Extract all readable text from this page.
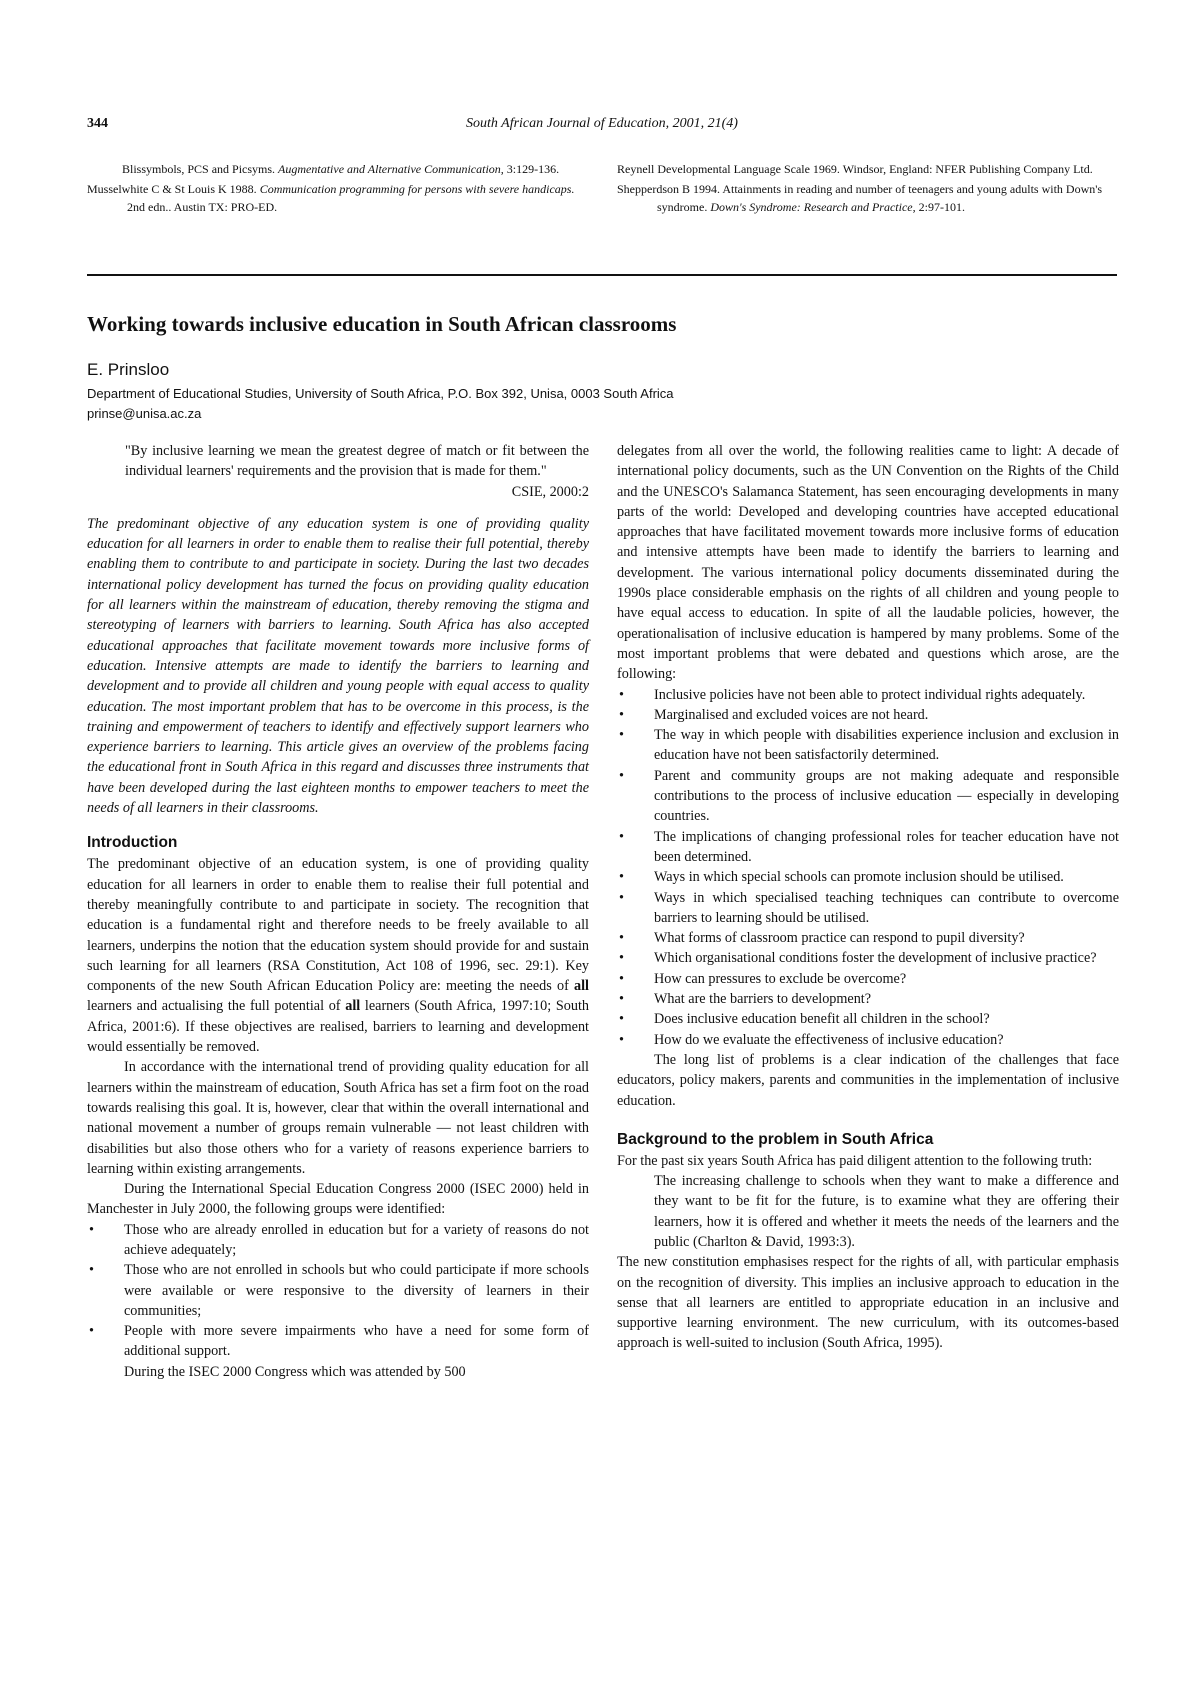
344	South African Journal of Education, 2001, 21(4)
Blissymbols, PCS and Picsyms. Augmentative and Alternative Communication, 3:129-136.
Musselwhite C & St Louis K 1988. Communication programming for persons with severe handicaps. 2nd edn.. Austin TX: PRO-ED.
Reynell Developmental Language Scale 1969. Windsor, England: NFER Publishing Company Ltd.
Shepperdson B 1994. Attainments in reading and number of teenagers and young adults with Down's syndrome. Down's Syndrome: Research and Practice, 2:97-101.
Working towards inclusive education in South African classrooms
E. Prinsloo
Department of Educational Studies, University of South Africa, P.O. Box 392, Unisa, 0003 South Africa
prinse@unisa.ac.za
"By inclusive learning we mean the greatest degree of match or fit between the individual learners' requirements and the provision that is made for them."
CSIE, 2000:2

The predominant objective of any education system is one of providing quality education for all learners in order to enable them to realise their full potential, thereby enabling them to contribute to and participate in society. During the last two decades international policy development has turned the focus on providing quality education for all learners within the mainstream of education, thereby removing the stigma and stereotyping of learners with barriers to learning. South Africa has also accepted educational approaches that facilitate movement towards more inclusive forms of education. Intensive attempts are made to identify the barriers to learning and development and to provide all children and young people with equal access to quality education. The most important problem that has to be overcome in this process, is the training and empowerment of teachers to identify and effectively support learners who experience barriers to learning. This article gives an overview of the problems facing the educational front in South Africa in this regard and discusses three instruments that have been developed during the last eighteen months to empower teachers to meet the needs of all learners in their classrooms.

Introduction

The predominant objective of an education system, is one of providing quality education for all learners in order to enable them to realise their full potential and thereby meaningfully contribute to and participate in society. The recognition that education is a fundamental right and therefore needs to be freely available to all learners, underpins the notion that the education system should provide for and sustain such learning for all learners (RSA Constitution, Act 108 of 1996, sec. 29:1). Key components of the new South African Education Policy are: meeting the needs of all learners and actualising the full potential of all learners (South Africa, 1997:10; South Africa, 2001:6). If these objectives are realised, barriers to learning and development would essentially be removed.

In accordance with the international trend of providing quality education for all learners within the mainstream of education, South Africa has set a firm foot on the road towards realising this goal. It is, however, clear that within the overall international and national movement a number of groups remain vulnerable — not least children with disabilities but also those others who for a variety of reasons experience barriers to learning within existing arrangements.

During the International Special Education Congress 2000 (ISEC 2000) held in Manchester in July 2000, the following groups were identified:

• Those who are already enrolled in education but for a variety of reasons do not achieve adequately;
• Those who are not enrolled in schools but who could participate if more schools were available or were responsive to the diversity of learners in their communities;
• People with more severe impairments who have a need for some form of additional support.

During the ISEC 2000 Congress which was attended by 500

delegates from all over the world, the following realities came to light: A decade of international policy documents, such as the UN Convention on the Rights of the Child and the UNESCO's Salamanca Statement, has seen encouraging developments in many parts of the world: Developed and developing countries have accepted educational approaches that have facilitated movement towards more inclusive forms of education and intensive attempts have been made to identify the barriers to learning and development. The various international policy documents disseminated during the 1990s place considerable emphasis on the rights of all children and young people to have equal access to education. In spite of all the laudable policies, however, the operationalisation of inclusive education is hampered by many problems. Some of the most important problems that were debated and questions which arose, are the following:

• Inclusive policies have not been able to protect individual rights adequately.
• Marginalised and excluded voices are not heard.
• The way in which people with disabilities experience inclusion and exclusion in education have not been satisfactorily determined.
• Parent and community groups are not making adequate and responsible contributions to the process of inclusive education — especially in developing countries.
• The implications of changing professional roles for teacher education have not been determined.
• Ways in which special schools can promote inclusion should be utilised.
• Ways in which specialised teaching techniques can contribute to overcome barriers to learning should be utilised.
• What forms of classroom practice can respond to pupil diversity?
• Which organisational conditions foster the development of inclusive practice?
• How can pressures to exclude be overcome?
• What are the barriers to development?
• Does inclusive education benefit all children in the school?
• How do we evaluate the effectiveness of inclusive education?

The long list of problems is a clear indication of the challenges that face educators, policy makers, parents and communities in the implementation of inclusive education.

Background to the problem in South Africa

For the past six years South Africa has paid diligent attention to the following truth:

The increasing challenge to schools when they want to make a difference and they want to be fit for the future, is to examine what they are offering their learners, how it is offered and whether it meets the needs of the learners and the public (Charlton & David, 1993:3).

The new constitution emphasises respect for the rights of all, with particular emphasis on the recognition of diversity. This implies an inclusive approach to education in the sense that all learners are entitled to appropriate education in an inclusive and supportive learning environment. The new curriculum, with its outcomes-based approach is well-suited to inclusion (South Africa, 1995).
